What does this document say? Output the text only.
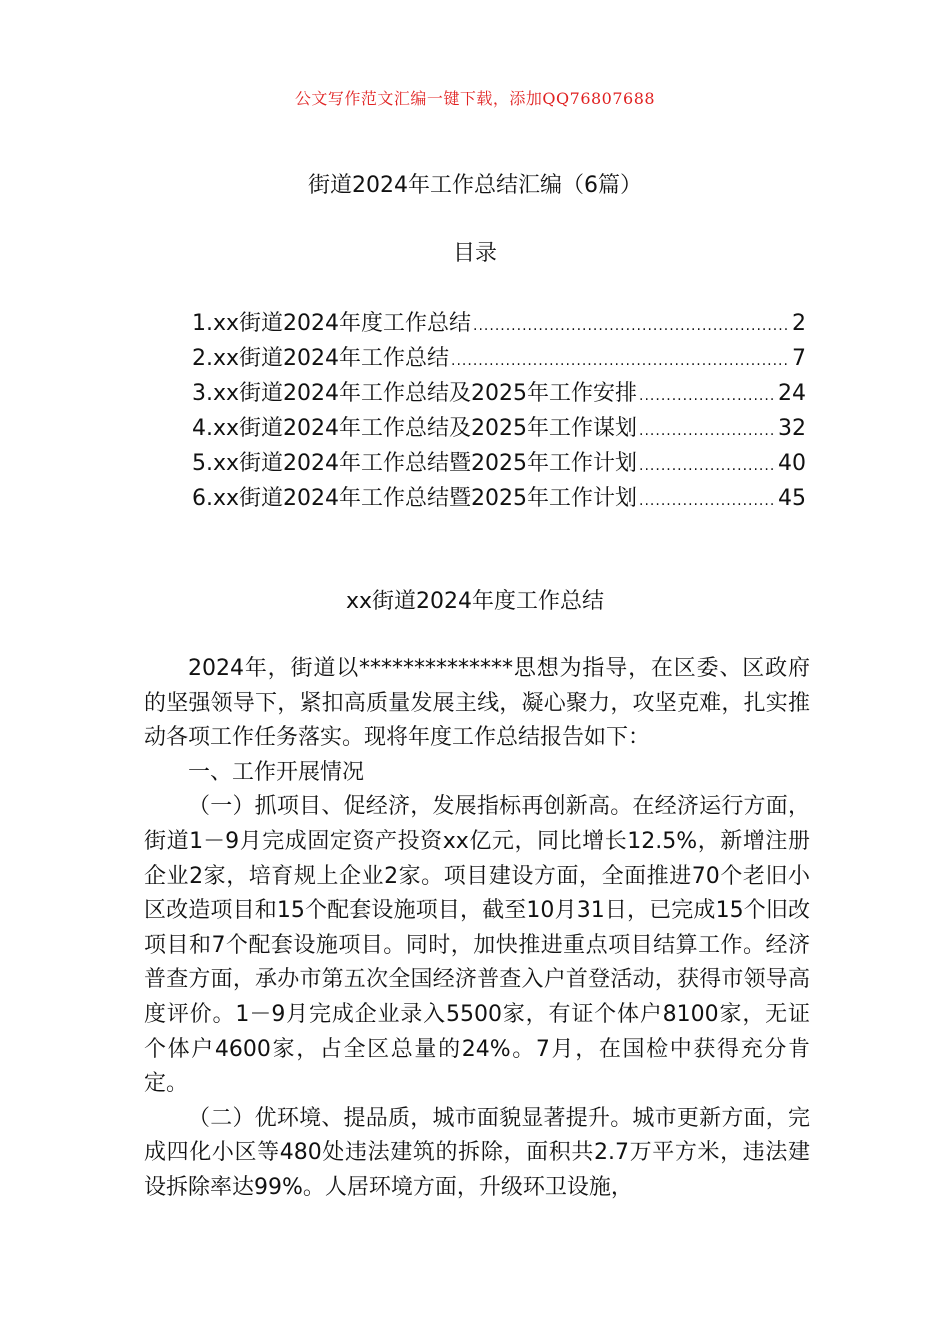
公文写作范文汇编一键下载，添加QQ76807688
街道2024年工作总结汇编（6篇）
目录
1.xx街道2024年度工作总结 .....	2
2.xx街道2024年工作总结 .....	7
3.xx街道2024年工作总结及2025年工作安排 .....	24
4.xx街道2024年工作总结及2025年工作谋划 .....	32
5.xx街道2024年工作总结暨2025年工作计划 .....	40
6.xx街道2024年工作总结暨2025年工作计划 .....	45
xx街道2024年度工作总结

2024年，街道以**************思想为指导，在区委、区政府的坚强领导下，紧扣高质量发展主线，凝心聚力，攻坚克难，扎实推动各项工作任务落实。现将年度工作总结报告如下：

一、工作开展情况

（一）抓项目、促经济，发展指标再创新高。在经济运行方面，街道1－9月完成固定资产投资xx亿元，同比增长12.5%，新增注册企业2家，培育规上企业2家。项目建设方面，全面推进70个老旧小区改造项目和15个配套设施项目，截至10月31日，已完成15个旧改项目和7个配套设施项目。同时，加快推进重点项目结算工作。经济普查方面，承办市第五次全国经济普查入户首登活动，获得市领导高度评价。1－9月完成企业录入5500家，有证个体户8100家，无证个体户4600家，占全区总量的24%。7月，在国检中获得充分肯定。

（二）优环境、提品质，城市面貌显著提升。城市更新方面，完成四化小区等480处违法建筑的拆除，面积共2.7万平方米，违法建设拆除率达99%。人居环境方面，升级环卫设施，
